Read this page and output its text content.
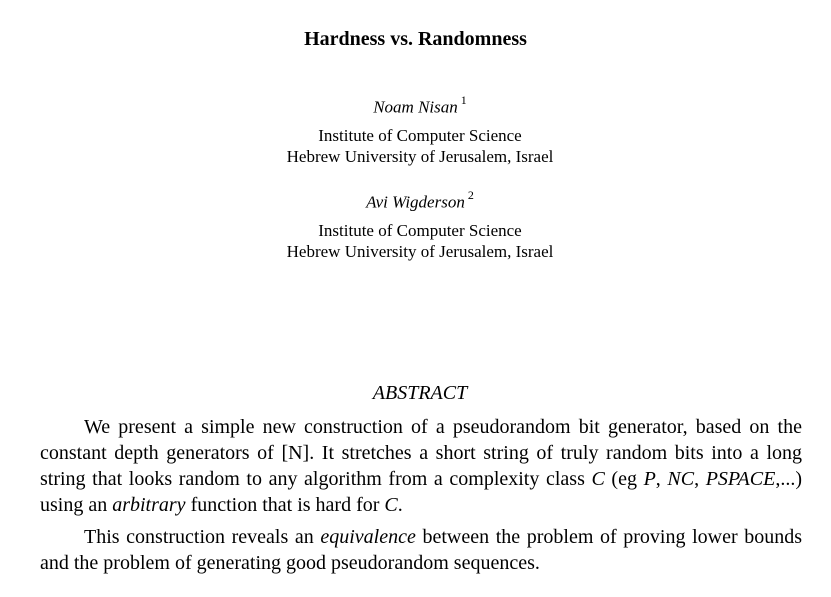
Hardness vs. Randomness
Noam Nisan $^1$
Institute of Computer Science
Hebrew University of Jerusalem, Israel
Avi Wigderson $^2$
Institute of Computer Science
Hebrew University of Jerusalem, Israel
ABSTRACT

We present a simple new construction of a pseudorandom bit generator, based on the constant depth generators of [N]. It stretches a short string of truly random bits into a long string that looks random to any algorithm from a complexity class C (eg P, NC, PSPACE,...) using an arbitrary function that is hard for C.

This construction reveals an equivalence between the problem of proving lower bounds and the problem of generating good pseudorandom sequences.
